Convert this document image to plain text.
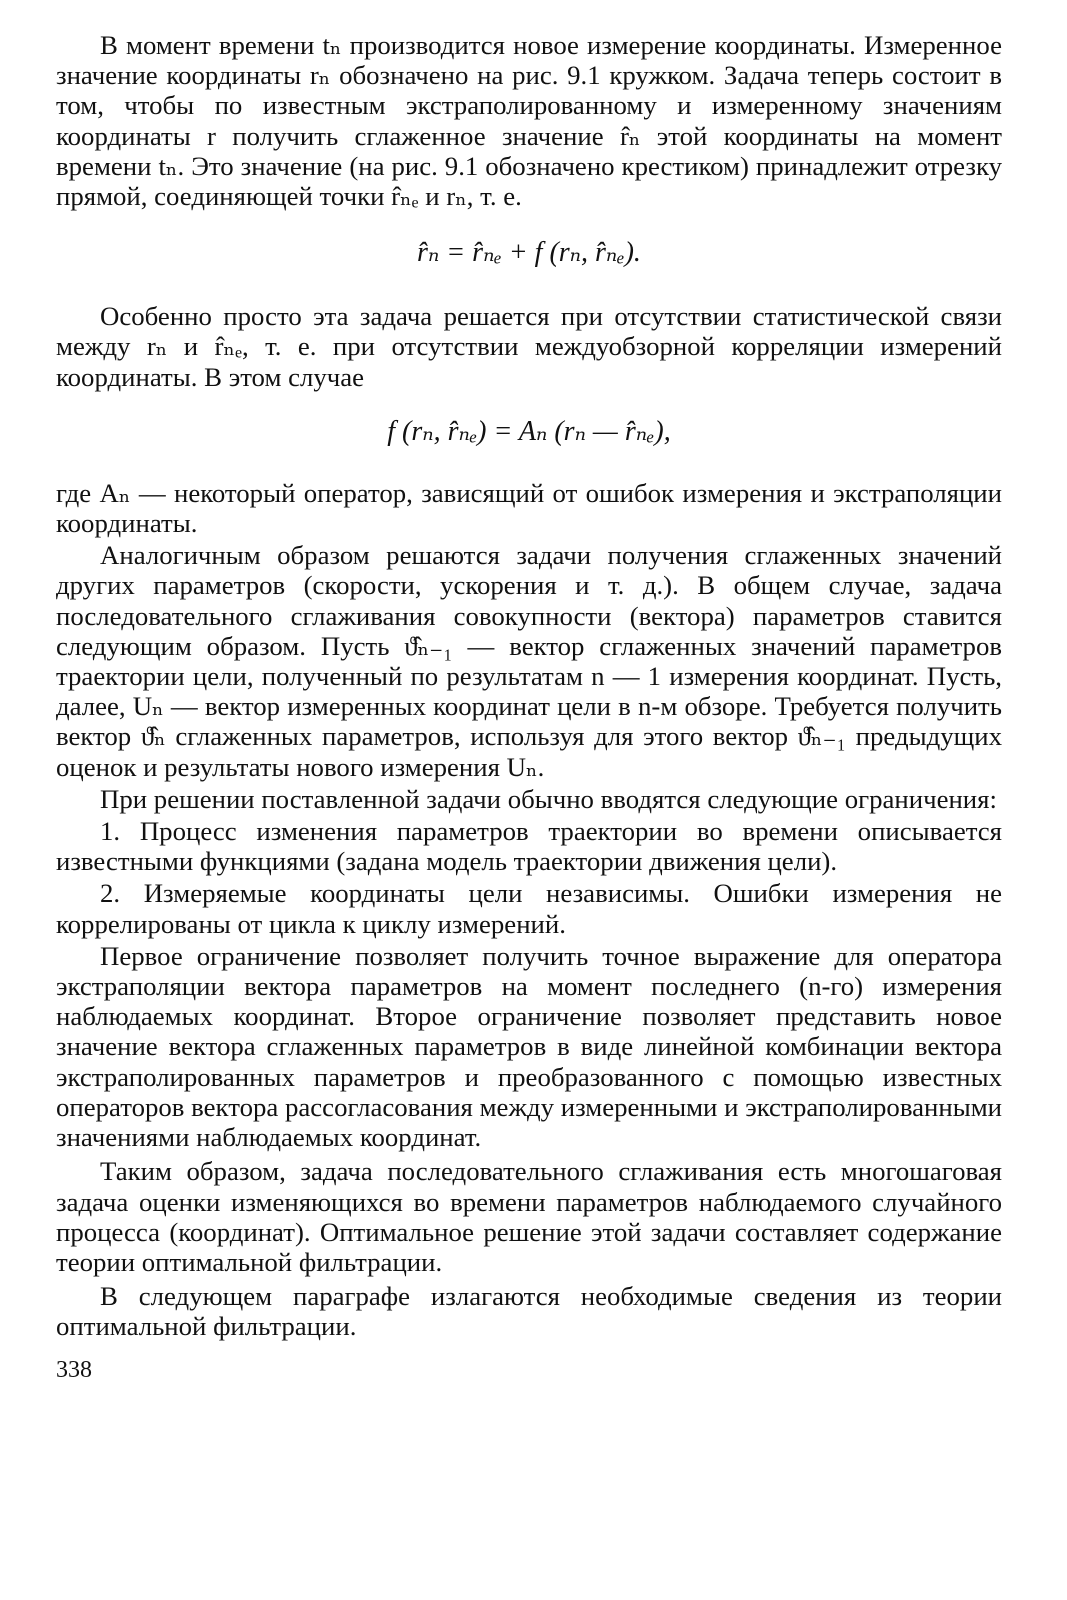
В момент времени tₙ производится новое измерение координаты. Измеренное значение координаты rₙ обозначено на рис. 9.1 кружком. Задача теперь состоит в том, чтобы по известным экстраполированному и измеренному значениям координаты r получить сглаженное значение r̂ₙ этой координаты на момент времени tₙ. Это значение (на рис. 9.1 обозначено крестиком) принадлежит отрезку прямой, соединяющей точки r̂ₙₑ и rₙ, т. е.

r̂ₙ = r̂ₙₑ + f (rₙ, r̂ₙₑ).

Особенно просто эта задача решается при отсутствии статистической связи между rₙ и r̂ₙₑ, т. е. при отсутствии междуобзорной корреляции измерений координаты. В этом случае

f (rₙ, r̂ₙₑ) = Aₙ (rₙ — r̂ₙₑ),

где Aₙ — некоторый оператор, зависящий от ошибок измерения и экстраполяции координаты.

Аналогичным образом решаются задачи получения сглаженных значений других параметров (скорости, ускорения и т. д.). В общем случае, задача последовательного сглаживания совокупности (вектора) параметров ставится следующим образом. Пусть ϑ̂ₙ₋₁ — вектор сглаженных значений параметров траектории цели, полученный по результатам n — 1 измерения координат. Пусть, далее, Uₙ — вектор измеренных координат цели в n-м обзоре. Требуется получить вектор ϑ̂ₙ сглаженных параметров, используя для этого вектор ϑ̂ₙ₋₁ предыдущих оценок и результаты нового измерения Uₙ.

При решении поставленной задачи обычно вводятся следующие ограничения:

1. Процесс изменения параметров траектории во времени описывается известными функциями (задана модель траектории движения цели).

2. Измеряемые координаты цели независимы. Ошибки измерения не коррелированы от цикла к циклу измерений.

Первое ограничение позволяет получить точное выражение для оператора экстраполяции вектора параметров на момент последнего (n-го) измерения наблюдаемых координат. Второе ограничение позволяет представить новое значение вектора сглаженных параметров в виде линейной комбинации вектора экстраполированных параметров и преобразованного с помощью известных операторов вектора рассогласования между измеренными и экстраполированными значениями наблюдаемых координат.

Таким образом, задача последовательного сглаживания есть многошаговая задача оценки изменяющихся во времени параметров наблюдаемого случайного процесса (координат). Оптимальное решение этой задачи составляет содержание теории оптимальной фильтрации.

В следующем параграфе излагаются необходимые сведения из теории оптимальной фильтрации.

338
